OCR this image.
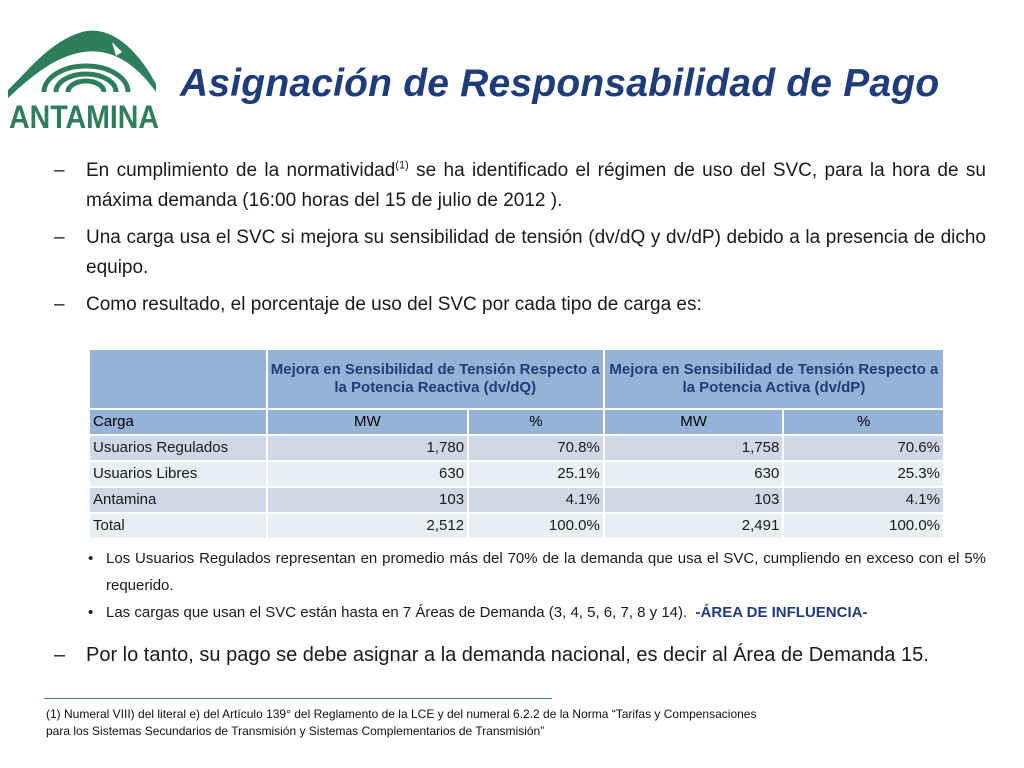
ANTAMINA
Asignación de Responsabilidad de Pago
– En cumplimiento de la normatividad$^{(1)}$ se ha identificado el régimen de uso del SVC, para la hora de su máxima demanda (16:00 horas del 15 de julio de 2012 ).
– Una carga usa el SVC si mejora su sensibilidad de tensión (dv/dQ y dv/dP) debido a la presencia de dicho equipo.
– Como resultado, el porcentaje de uso del SVC por cada tipo de carga es:
	Mejora en Sensibilidad de Tensión Respecto a la Potencia Reactiva (dv/dQ)		Mejora en Sensibilidad de Tensión Respecto a la Potencia Activa (dv/dP)	
Carga	MW	%	MW	%
Usuarios Regulados	1,780	70.8%	1,758	70.6%
Usuarios Libres	630	25.1%	630	25.3%
Antamina	103	4.1%	103	4.1%
Total	2,512	100.0%	2,491	100.0%
• Los Usuarios Regulados representan en promedio más del 70% de la demanda que usa el SVC, cumpliendo en exceso con el 5% requerido.
• Las cargas que usan el SVC están hasta en 7 Áreas de Demanda (3, 4, 5, 6, 7, 8 y 14). -ÁREA DE INFLUENCIA-
– Por lo tanto, su pago se debe asignar a la demanda nacional, es decir al Área de Demanda 15.
(1) Numeral VIII) del literal e) del Artículo 139° del Reglamento de la LCE y del numeral 6.2.2 de la Norma “Tarifas y Compensaciones
para los Sistemas Secundarios de Transmisión y Sistemas Complementarios de Transmisión”
